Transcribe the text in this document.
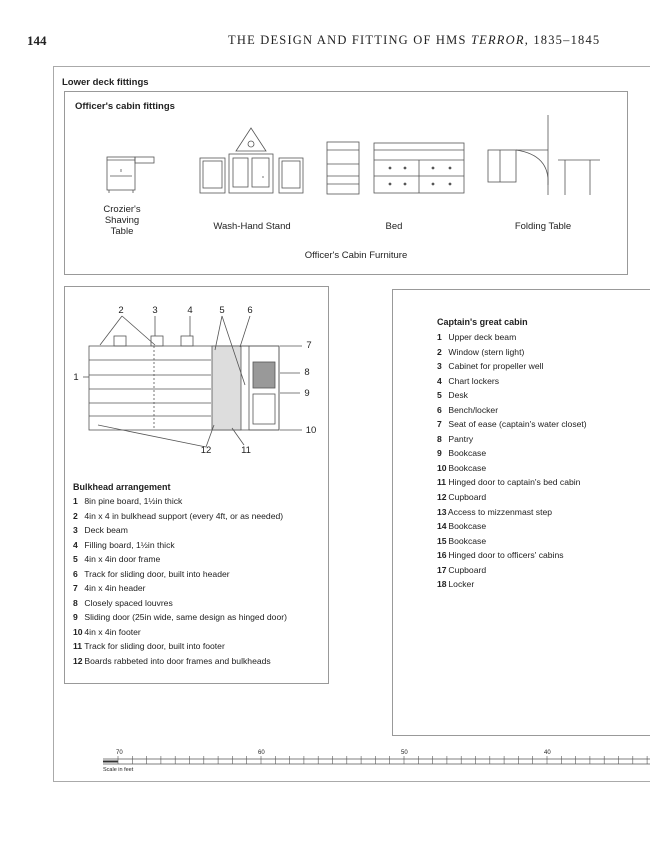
144	THE DESIGN AND FITTING OF HMS TERROR, 1835–1845
Lower deck fittings
Officer's cabin fittings
Crozier's
Shaving Table	Wash-Hand Stand	Bed	Folding Table
Officer's Cabin Furniture
2	3	4	5	6
1
7
8
9
10
11
12
Bulkhead arrangement
1 8in pine board, 1½in thick
2 4in x 4 in bulkhead support (every 4ft, or as needed)
3 Deck beam
4 Filling board, 1½in thick
5 4in x 4in door frame
6 Track for sliding door, built into header
7 4in x 4in header
8 Closely spaced louvres
9 Sliding door (25in wide, same design as hinged door)
10 4in x 4in footer
11 Track for sliding door, built into footer
12 Boards rabbeted into door frames and bulkheads
Captain's great cabin
1 Upper deck beam
2 Window (stern light)
3 Cabinet for propeller well
4 Chart lockers
5 Desk
6 Bench/locker
7 Seat of ease (captain's water closet)
8 Pantry
9 Bookcase
10 Bookcase
11 Hinged door to captain's bed cabin
12 Cupboard
13 Access to mizzenmast step
14 Bookcase
15 Bookcase
16 Hinged door to officers' cabins
17 Cupboard
18 Locker
70	60	50	40
Scale in feet
